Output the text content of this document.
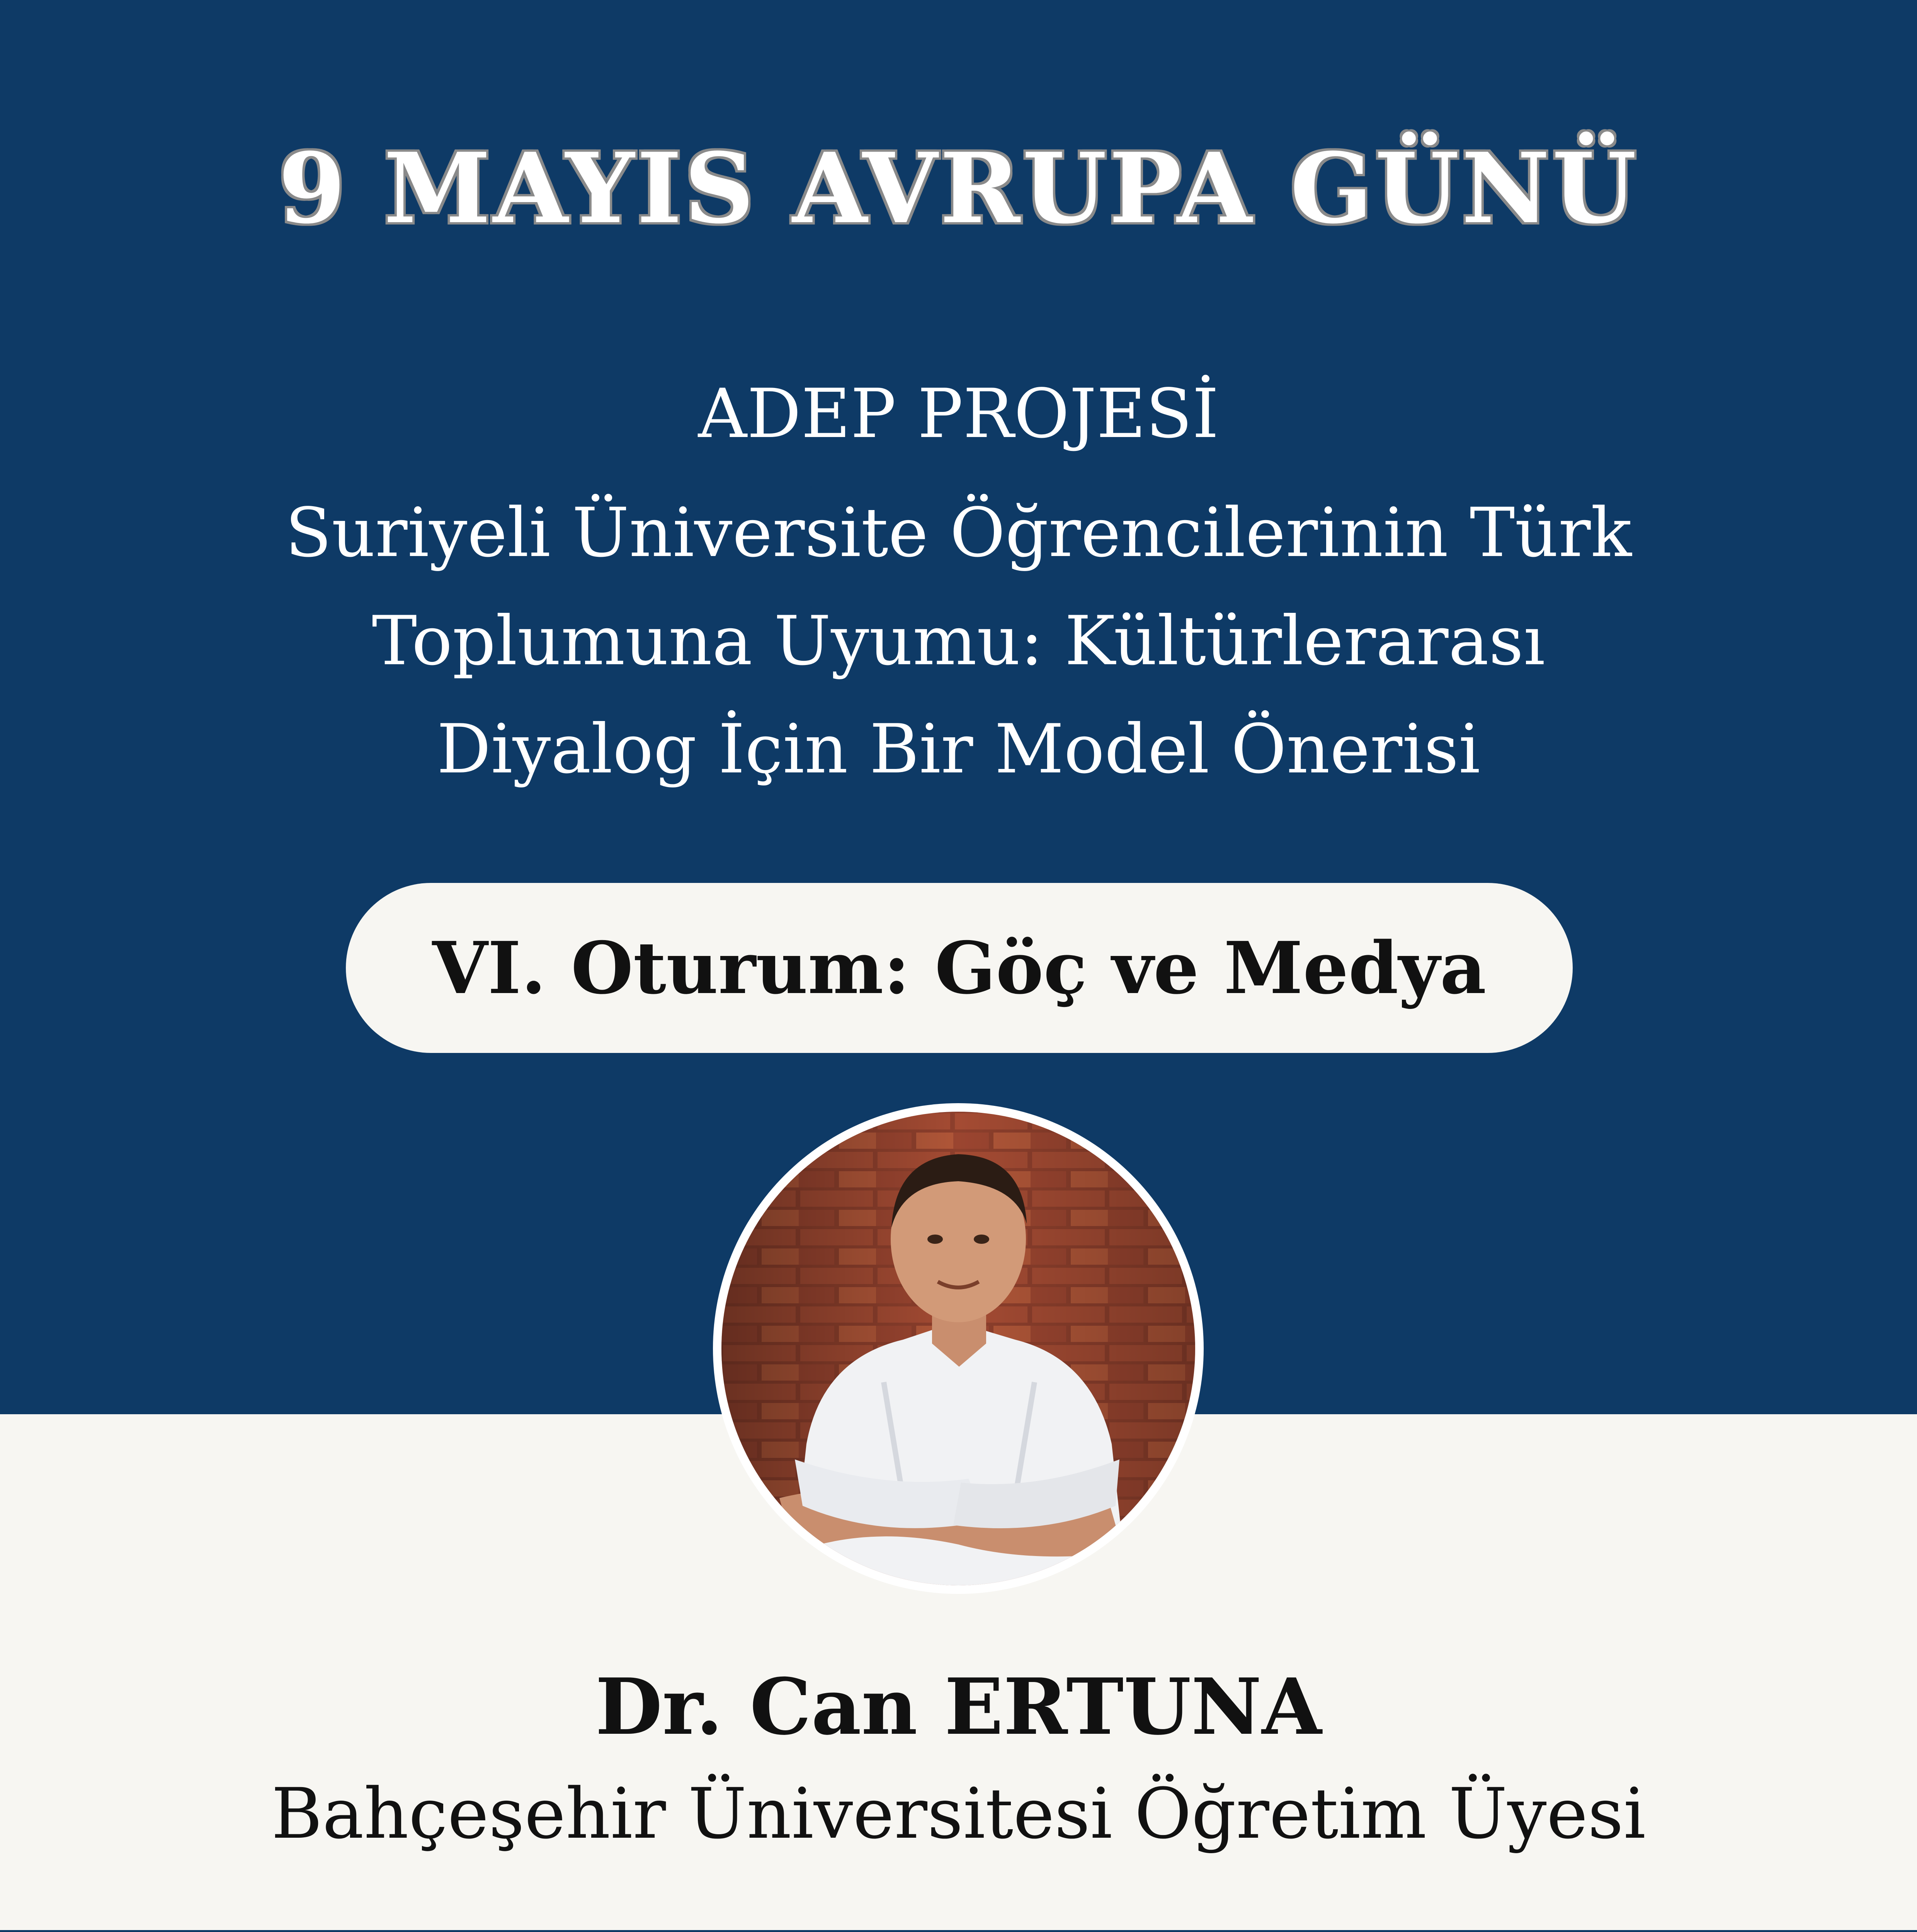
9 MAYIS AVRUPA GÜNÜ
ADEP PROJESİ
Suriyeli Üniversite Öğrencilerinin Türk
Toplumuna Uyumu: Kültürlerarası
Diyalog İçin Bir Model Önerisi
VI. Oturum: Göç ve Medya
Dr. Can ERTUNA
Bahçeşehir Üniversitesi Öğretim Üyesi
